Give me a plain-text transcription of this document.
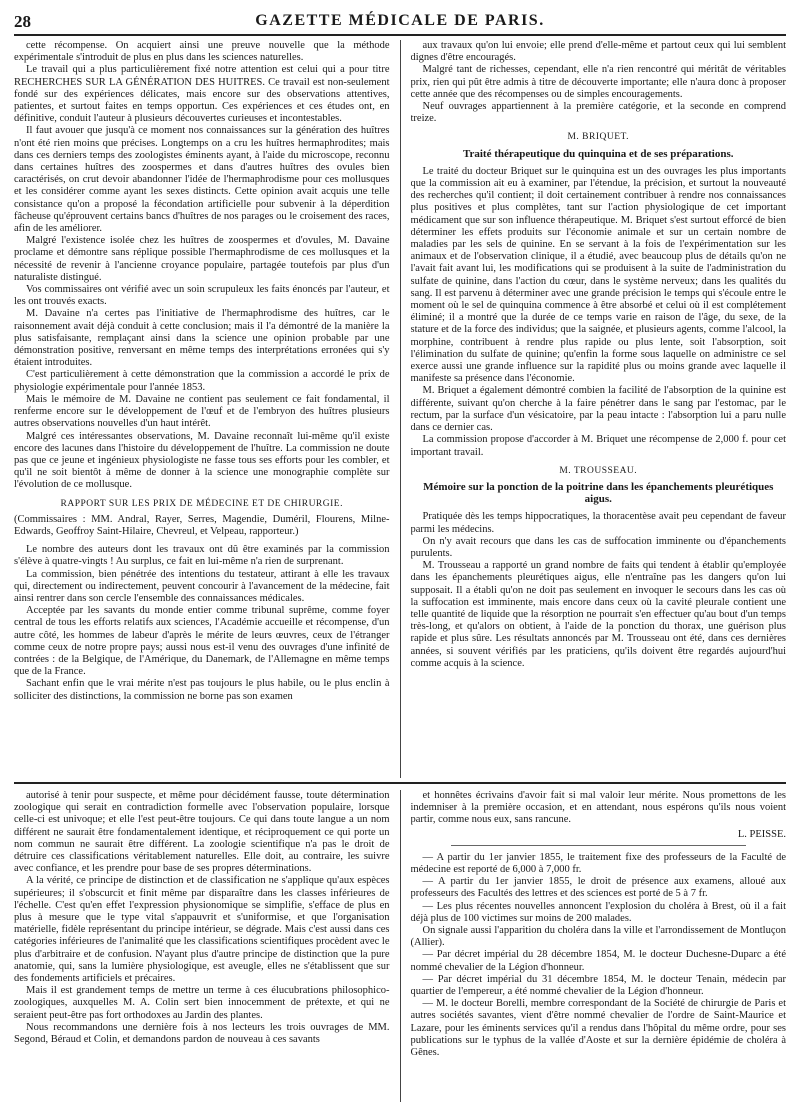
28	GAZETTE MÉDICALE DE PARIS.

cette récompense. On acquiert ainsi une preuve nouvelle que la méthode expérimentale s'introduit de plus en plus dans les sciences naturelles.

Le travail qui a plus particulièrement fixé notre attention est celui qui a pour titre RECHERCHES SUR LA GÉNÉRATION DES HUITRES. Ce travail est non-seulement fondé sur des expériences délicates, mais encore sur des observations attentives, patientes, et surtout faites en temps opportun. Ces expériences et ces études ont, en définitive, conduit l'auteur à plusieurs découvertes curieuses et incontestables.

Il faut avouer que jusqu'à ce moment nos connaissances sur la génération des huîtres n'ont été rien moins que précises. Longtemps on a cru les huîtres hermaphrodites; mais dans ces derniers temps des zoologistes éminents ayant, à l'aide du microscope, reconnu dans certaines huîtres des zoospermes et dans d'autres huîtres des ovules bien caractérisés, on crut devoir abandonner l'idée de l'hermaphrodisme pour ces mollusques et les considérer comme ayant les sexes distincts. Cette opinion avait acquis une telle consistance qu'on a proposé la fécondation artificielle pour subvenir à la déperdition fâcheuse qu'éprouvent certains bancs d'huîtres de nos parages ou le croisement des races, afin de les améliorer.

Malgré l'existence isolée chez les huîtres de zoospermes et d'ovules, M. Davaine proclame et démontre sans réplique possible l'hermaphrodisme de ces mollusques et la nécessité de revenir à l'ancienne croyance populaire, partagée toutefois par plus d'un naturaliste distingué.

Vos commissaires ont vérifié avec un soin scrupuleux les faits énoncés par l'auteur, et les ont trouvés exacts.

M. Davaine n'a certes pas l'initiative de l'hermaphrodisme des huîtres, car le raisonnement avait déjà conduit à cette conclusion; mais il l'a démontré de la manière la plus satisfaisante, remplaçant ainsi dans la science une opinion probable par une démonstration positive, renversant en même temps des interprétations erronées qui s'y étaient introduites.

C'est particulièrement à cette démonstration que la commission a accordé le prix de physiologie expérimentale pour l'année 1853.

Mais le mémoire de M. Davaine ne contient pas seulement ce fait fondamental, il renferme encore sur le développement de l'œuf et de l'embryon des huîtres plusieurs autres observations nouvelles d'un haut intérêt.

Malgré ces intéressantes observations, M. Davaine reconnaît lui-même qu'il existe encore des lacunes dans l'histoire du développement de l'huître. La commission ne doute pas que ce jeune et ingénieux physiologiste ne fasse tous ses efforts pour les combler, et qu'il ne soit bientôt à même de donner à la science une monographie complète sur l'évolution de ce mollusque.

RAPPORT SUR LES PRIX DE MÉDECINE ET DE CHIRURGIE.

(Commissaires : MM. Andral, Rayer, Serres, Magendie, Duméril, Flourens, Milne-Edwards, Geoffroy Saint-Hilaire, Chevreul, et Velpeau, rapporteur.)

Le nombre des auteurs dont les travaux ont dû être examinés par la commission s'élève à quatre-vingts ! Au surplus, ce fait en lui-même n'a rien de surprenant.

La commission, bien pénétrée des intentions du testateur, attirant à elle les travaux qui, directement ou indirectement, peuvent concourir à l'avancement de la médecine, fait ainsi rentrer dans son cercle l'ensemble des connaissances médicales.

Acceptée par les savants du monde entier comme tribunal suprême, comme foyer central de tous les efforts relatifs aux sciences, l'Académie accueille et récompense, d'un autre côté, les hommes de labeur d'après le mérite de leurs œuvres, ceux de l'étranger comme ceux de notre propre pays; aussi nous est-il venu des ouvrages d'une infinité de contrées : de la Belgique, de l'Amérique, du Danemark, de l'Allemagne en même temps que de la France.

Sachant enfin que le vrai mérite n'est pas toujours le plus habile, ou le plus enclin à solliciter des distinctions, la commission ne borne pas son examen

aux travaux qu'on lui envoie; elle prend d'elle-même et partout ceux qui lui semblent dignes d'être encouragés.

Malgré tant de richesses, cependant, elle n'a rien rencontré qui méritât de véritables prix, rien qui pût être admis à titre de découverte importante; elle n'aura donc à proposer cette année que des récompenses ou de simples encouragements.

Neuf ouvrages appartiennent à la première catégorie, et la seconde en comprend treize.

M. BRIQUET.

Traité thérapeutique du quinquina et de ses préparations.

Le traité du docteur Briquet sur le quinquina est un des ouvrages les plus importants que la commission ait eu à examiner, par l'étendue, la précision, et surtout la nouveauté des recherches qu'il contient; il doit certainement contribuer à rendre nos connaissances plus positives et plus complètes, tant sur l'action physiologique de cet important médicament que sur son influence thérapeutique. M. Briquet s'est surtout efforcé de bien déterminer les effets produits sur l'économie animale et sur un certain nombre de maladies par les sels de quinine. En se servant à la fois de l'expérimentation sur les animaux et de l'observation clinique, il a étudié, avec beaucoup plus de détails qu'on ne l'avait fait avant lui, les modifications qui se produisent à la suite de l'administration du sulfate de quinine, dans l'action du cœur, dans le système nerveux; dans les qualités du sang. Il est parvenu à déterminer avec une grande précision le temps qui s'écoule entre le moment où le sel de quinquina commence à être absorbé et celui où il est complétement éliminé; il a montré que la durée de ce temps varie en raison de l'âge, du sexe, de la stature et de la force des individus; que la saignée, et plusieurs agents, comme l'alcool, la morphine, contribuent à rendre plus rapide ou plus lente, soit l'absorption, soit l'élimination du sulfate de quinine; qu'enfin la forme sous laquelle on administre ce sel exerce aussi une grande influence sur la rapidité plus ou moins grande avec laquelle il manifeste sa présence dans l'économie.

M. Briquet a également démontré combien la facilité de l'absorption de la quinine est différente, suivant qu'on cherche à la faire pénétrer dans le sang par l'estomac, par le rectum, par la surface d'un vésicatoire, par la peau intacte : l'absorption lui a paru nulle dans ce dernier cas.

La commission propose d'accorder à M. Briquet une récompense de 2,000 f. pour cet important travail.

M. TROUSSEAU.

Mémoire sur la ponction de la poitrine dans les épanchements pleurétiques aigus.

Pratiquée dès les temps hippocratiques, la thoracentèse avait peu cependant de faveur parmi les médecins.

On n'y avait recours que dans les cas de suffocation imminente ou d'épanchements purulents.

M. Trousseau a rapporté un grand nombre de faits qui tendent à établir qu'employée dans les épanchements pleurétiques aigus, elle n'entraîne pas les dangers qu'on lui supposait. Il a établi qu'on ne doit pas seulement en invoquer le secours dans les cas où la suffocation est imminente, mais encore dans ceux où la cavité pleurale contient une telle quantité de liquide que la résorption ne pourrait s'en effectuer qu'au bout d'un temps très-long, et qu'alors on obtient, à l'aide de la ponction du thorax, une guérison plus rapide et plus sûre. Les résultats annoncés par M. Trousseau ont été, dans ces dernières années, si souvent vérifiés par les praticiens, qu'ils doivent être regardés aujourd'hui comme acquis à la science.

autorisé à tenir pour suspecte, et même pour décidément fausse, toute détermination zoologique qui serait en contradiction formelle avec l'observation populaire, lorsque celle-ci est univoque; et elle l'est peut-être toujours. Ce qui dans toute langue a un nom différent ne saurait être fondamentalement identique, et réciproquement ce qui porte un nom commun ne saurait être différent. La zoologie scientifique n'a pas le droit de détruire ces classifications véritablement naturelles. Elle doit, au contraire, les suivre avec confiance, et les prendre pour base de ses propres déterminations.

A la vérité, ce principe de distinction et de classification ne s'applique qu'aux espèces supérieures; il s'obscurcit et finit même par disparaître dans les classes inférieures de l'échelle. C'est qu'en effet l'expression physionomique se simplifie, s'efface de plus en plus à mesure que le type vital s'appauvrit et s'uniformise, et que l'organisation matérielle, fidèle représentant du principe intérieur, se dégrade. Mais c'est aussi dans ces catégories inférieures de l'animalité que les classifications scientifiques procèdent avec le plus d'arbitraire et de confusion. N'ayant plus d'autre principe de distinction que la pure anatomie, qui, sans la lumière physiologique, est aveugle, elles ne s'établissent que sur des fondements artificiels et précaires.

Mais il est grandement temps de mettre un terme à ces élucubrations philosophico-zoologiques, auxquelles M. A. Colin sert bien innocemment de prétexte, et qui ne seraient peut-être pas fort orthodoxes au Jardin des plantes.

Nous recommandons une dernière fois à nos lecteurs les trois ouvrages de MM. Segond, Béraud et Colin, et demandons pardon de nouveau à ces savants

et honnêtes écrivains d'avoir fait si mal valoir leur mérite. Nous promettons de les indemniser à la première occasion, et en attendant, nous espérons qu'ils nous voient partir, comme nous eux, sans rancune.

L. PEISSE.

— A partir du 1er janvier 1855, le traitement fixe des professeurs de la Faculté de médecine est reporté de 6,000 à 7,000 fr.

— A partir du 1er janvier 1855, le droit de présence aux examens, alloué aux professeurs des Facultés des lettres et des sciences est porté de 5 à 7 fr.

— Les plus récentes nouvelles annoncent l'explosion du choléra à Brest, où il a fait déjà plus de 100 victimes sur moins de 200 malades.

On signale aussi l'apparition du choléra dans la ville et l'arrondissement de Montluçon (Allier).

— Par décret impérial du 28 décembre 1854, M. le docteur Duchesne-Duparc a été nommé chevalier de la Légion d'honneur.

— Par décret impérial du 31 décembre 1854, M. le docteur Tenain, médecin par quartier de l'empereur, a été nommé chevalier de la Légion d'honneur.

— M. le docteur Borelli, membre correspondant de la Société de chirurgie de Paris et autres sociétés savantes, vient d'être nommé chevalier de l'ordre de Saint-Maurice et Lazare, pour les éminents services qu'il a rendus dans l'hôpital du même ordre, pour ses publications sur le typhus de la vallée d'Aoste et sur la dernière épidémie de choléra à Gênes.
